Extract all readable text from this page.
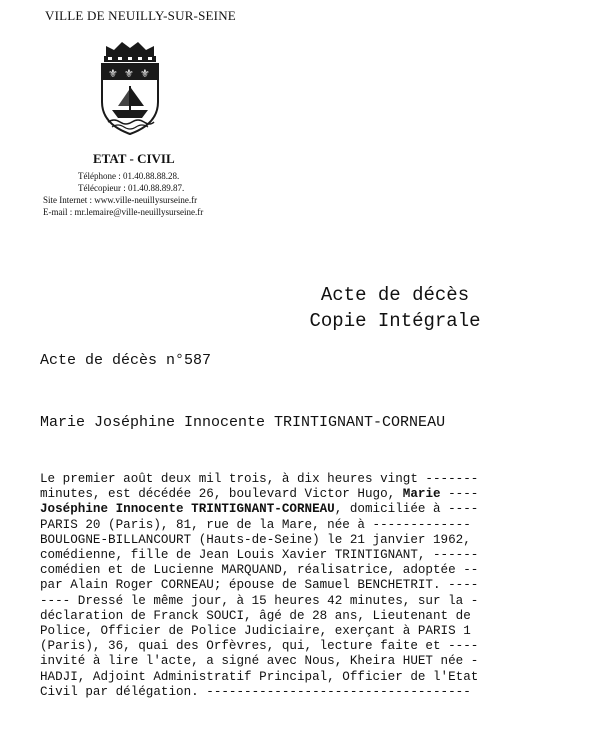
VILLE DE NEUILLY-SUR-SEINE
⚜ ⚜ ⚜
ETAT - CIVIL
Téléphone : 01.40.88.88.28.
Télécopieur : 01.40.88.89.87.
Site Internet : www.ville-neuillysurseine.fr
E-mail : mr.lemaire@ville-neuillysurseine.fr
Acte de décès
Copie Intégrale
Acte de décès n°587
Marie Joséphine Innocente TRINTIGNANT-CORNEAU
Le premier août deux mil trois, à dix heures vingt -------
minutes, est décédée 26, boulevard Victor Hugo, Marie ----
Joséphine Innocente TRINTIGNANT-CORNEAU, domiciliée à ----
PARIS 20 (Paris), 81, rue de la Mare, née à -------------
BOULOGNE-BILLANCOURT (Hauts-de-Seine) le 21 janvier 1962,
comédienne, fille de Jean Louis Xavier TRINTIGNANT, ------
comédien et de Lucienne MARQUAND, réalisatrice, adoptée --
par Alain Roger CORNEAU; épouse de Samuel BENCHETRIT. ----
---- Dressé le même jour, à 15 heures 42 minutes, sur la -
déclaration de Franck SOUCI, âgé de 28 ans, Lieutenant de
Police, Officier de Police Judiciaire, exerçant à PARIS 1
(Paris), 36, quai des Orfèvres, qui, lecture faite et ----
invité à lire l'acte, a signé avec Nous, Kheira HUET née -
HADJI, Adjoint Administratif Principal, Officier de l'Etat
Civil par délégation. -----------------------------------
